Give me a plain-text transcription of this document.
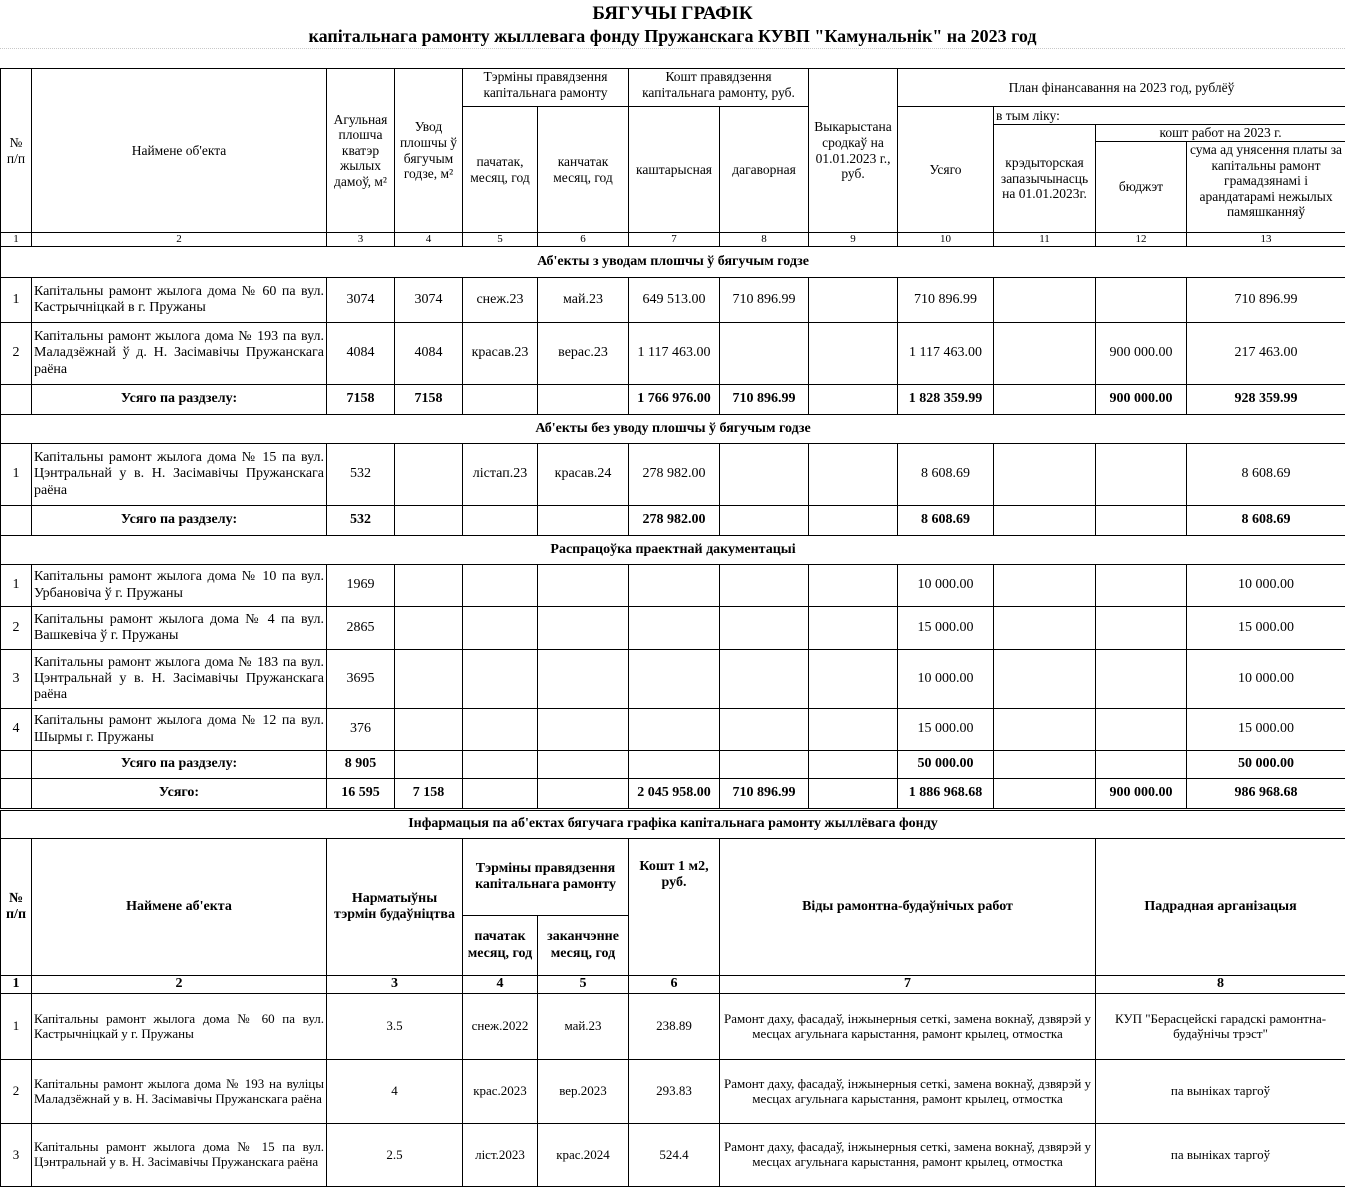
БЯГУЧЫ ГРАФІК
капітальнага рамонту жыллевага фонду Пружанскага КУВП "Камунальнік" на 2023 год
№ п/п	Наймене об'екта	Агульная плошча кватэр жылых дамоў, м²	Увод плошчы ў бягучым годзе, м²	Тэрміны правядзення капітальнага рамонту		Кошт правядзення капітальнага рамонту, руб.		Выкарыстана сродкаў на 01.01.2023 г., руб.	План фінансавання на 2023 год, рублёў			
				пачатак, месяц, год	канчатак месяц, год	каштарысная	дагаворная		Усяго	в тым ліку:		
										крэдыторская запазычынасць на 01.01.2023г.	кошт работ на 2023 г.	
											бюджэт	сума ад унясення платы за капітальны рамонт грамадзянамі і арандатарамі нежылых памяшканняў

1	2	3	4	5	6	7	8	9	10	11	12	13
Аб'екты з уводам плошчы ў бягучым годзе												
1	Капітальны рамонт жылога дома № 60 па вул. Кастрычніцкай в г. Пружаны	3074	3074	снеж.23	май.23	649 513.00	710 896.99		710 896.99			710 896.99
2	Капітальны рамонт жылога дома № 193 па вул. Маладзёжнай ў д. Н. Засімавічы Пружанскага раёна	4084	4084	красав.23	верас.23	1 117 463.00			1 117 463.00		900 000.00	217 463.00
	Усяго па раздзелу:	7158	7158			1 766 976.00	710 896.99		1 828 359.99		900 000.00	928 359.99
Аб'екты без уводу плошчы ў бягучым годзе												
1	Капітальны рамонт жылога дома № 15 па вул. Цэнтральнай у в. Н. Засімавічы Пружанскага раёна	532		лістап.23	красав.24	278 982.00			8 608.69			8 608.69
	Усяго па раздзелу:	532				278 982.00			8 608.69			8 608.69
Распрацоўка праектнай дакументацыі												
1	Капітальны рамонт жылога дома № 10 па вул. Урбановіча ў г. Пружаны	1969							10 000.00			10 000.00
2	Капітальны рамонт жылога дома № 4 па вул. Вашкевіча ў г. Пружаны	2865							15 000.00			15 000.00
3	Капітальны рамонт жылога дома № 183 па вул. Цэнтральнай у в. Н. Засімавічы Пружанскага раёна	3695							10 000.00			10 000.00
4	Капітальны рамонт жылога дома № 12 па вул. Шырмы г. Пружаны	376							15 000.00			15 000.00
	Усяго па раздзелу:	8 905							50 000.00			50 000.00
	Усяго:	16 595	7 158			2 045 958.00	710 896.99		1 886 968.68		900 000.00	986 968.68
Інфармацыя па аб'ектах бягучага графіка капітальнага рамонту жыллёвага фонду							
№ п/п	Наймене аб'екта	Нарматыўны тэрмін будаўніцтва	Тэрміны правядзення капітальнага рамонту		Кошт 1 м2, руб.	Віды рамонтна-будаўнічых работ	Падрадная арганізацыя
			пачатак месяц, год	заканчэнне месяц, год			
1	2	3	4	5	6	7	8
1	Капітальны рамонт жылога дома № 60 па вул. Кастрычніцкай у г. Пружаны	3.5	снеж.2022	май.23	238.89	Рамонт даху, фасадаў, інжынерныя сеткі, замена вокнаў, дзвярэй у месцах агульнага карыстання, рамонт крылец, отмостка	КУП "Берасцейскі гарадскі рамонтна-будаўнічы трэст"
2	Капітальны рамонт жылога дома № 193 на вуліцы Маладзёжнай у в. Н. Засімавічы Пружанскага раёна	4	крас.2023	вер.2023	293.83	Рамонт даху, фасадаў, інжынерныя сеткі, замена вокнаў, дзвярэй у месцах агульнага карыстання, рамонт крылец, отмостка	па выніках таргоў
3	Капітальны рамонт жылога дома № 15 па вул. Цэнтральнай у в. Н. Засімавічы Пружанскага раёна	2.5	ліст.2023	крас.2024	524.4	Рамонт даху, фасадаў, інжынерныя сеткі, замена вокнаў, дзвярэй у месцах агульнага карыстання, рамонт крылец, отмостка	па выніках таргоў
